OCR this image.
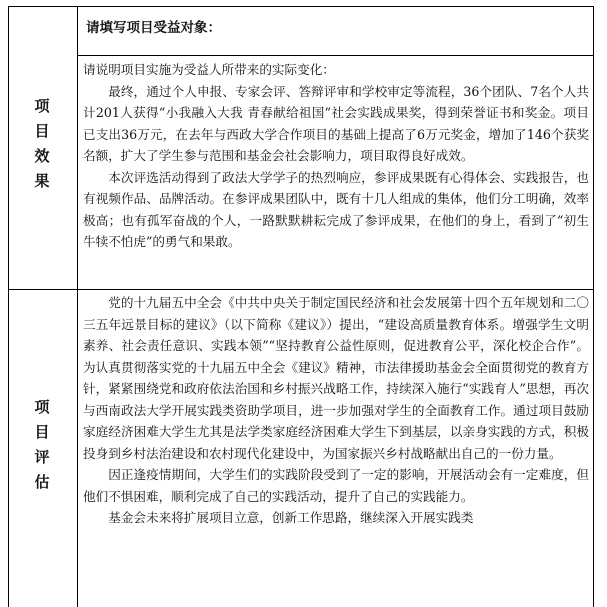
项目效果
请填写项目受益对象：

请说明项目实施为受益人所带来的实际变化：

最终，通过个人申报、专家会评、答辩评审和学校审定等流程，36个团队、7名个人共计201人获得“小我融入大我 青春献给祖国”社会实践成果奖，得到荣誉证书和奖金。项目已支出36万元，在去年与西政大学合作项目的基础上提高了6万元奖金，增加了146个获奖名额，扩大了学生参与范围和基金会社会影响力，项目取得良好成效。

本次评选活动得到了政法大学学子的热烈响应，参评成果既有心得体会、实践报告，也有视频作品、品牌活动。在参评成果团队中，既有十几人组成的集体，他们分工明确，效率极高；也有孤军奋战的个人，一路默默耕耘完成了参评成果，在他们的身上，看到了“初生牛犊不怕虎”的勇气和果敢。

项目评估

党的十九届五中全会《中共中央关于制定国民经济和社会发展第十四个五年规划和二〇三五年远景目标的建议》（以下简称《建议》）提出，“建设高质量教育体系。增强学生文明素养、社会责任意识、实践本领”“坚持教育公益性原则，促进教育公平，深化校企合作”。为认真贯彻落实党的十九届五中全会《建议》精神，市法律援助基金会全面贯彻党的教育方针，紧紧围绕党和政府依法治国和乡村振兴战略工作，持续深入施行“实践育人”思想，再次与西南政法大学开展实践类资助学项目，进一步加强对学生的全面教育工作。通过项目鼓励家庭经济困难大学生尤其是法学类家庭经济困难大学生下到基层，以亲身实践的方式，积极投身到乡村法治建设和农村现代化建设中，为国家振兴乡村战略献出自己的一份力量。

因正逢疫情期间，大学生们的实践阶段受到了一定的影响，开展活动会有一定难度，但他们不惧困难，顺利完成了自己的实践活动，提升了自己的实践能力。

基金会未来将扩展项目立意，创新工作思路，继续深入开展实践类
